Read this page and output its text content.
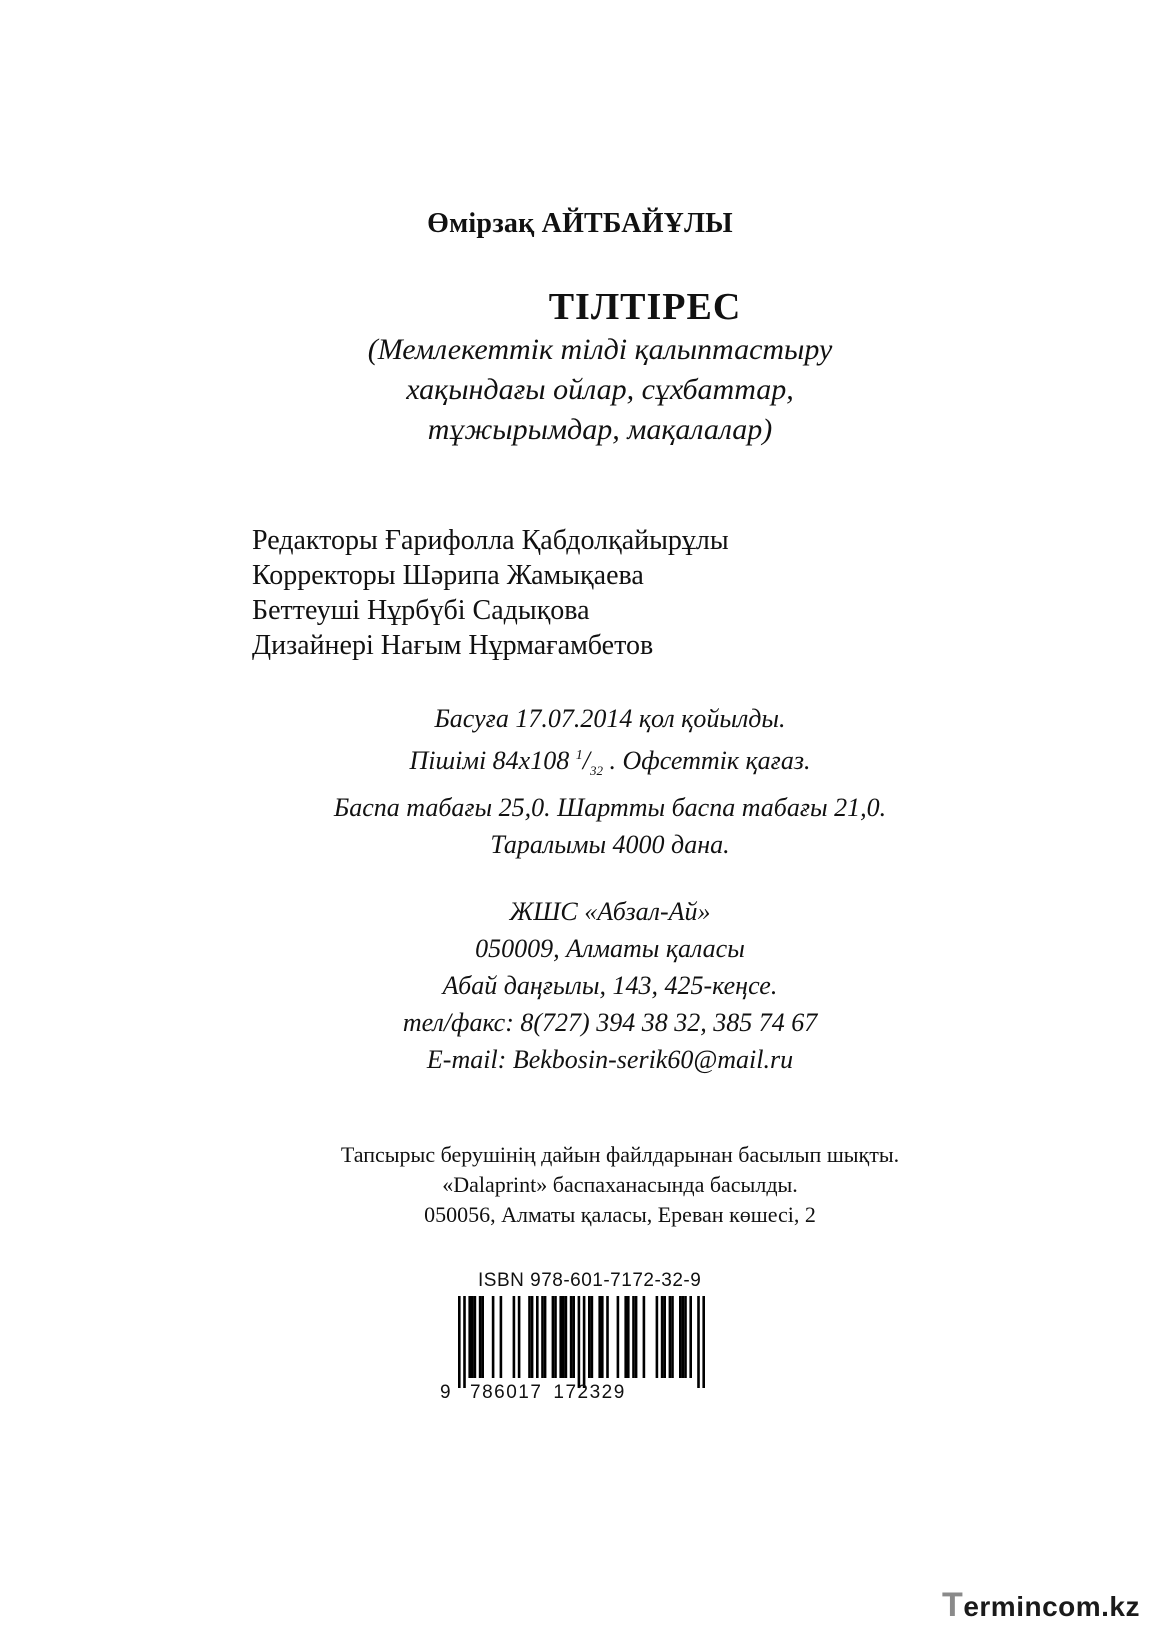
Өмірзақ АЙТБАЙҰЛЫ
ТІЛТІРЕС
(Мемлекеттік тілді қалыптастыру
хақындағы ойлар, сұхбаттар,
тұжырымдар, мақалалар)
Редакторы Ғарифолла Қабдолқайырұлы
Корректоры Шәрипа Жамықаева
Беттеуші Нұрбүбі Садықова
Дизайнері Нағым Нұрмағамбетов
Басуға 17.07.2014 қол қойылды.
Пішімі 84х108 $^1/_{32}$ . Офсеттік қағаз.
Баспа табағы 25,0. Шартты баспа табағы 21,0.
Таралымы 4000 дана.
ЖШС «Абзал-Ай»
050009, Алматы қаласы
Абай даңғылы, 143, 425-кеңсе.
тел/факс: 8(727) 394 38 32, 385 74 67
E-mail: Bekbosin-serik60@mail.ru
Тапсырыс берушінің дайын файлдарынан басылып шықты.
«Dalaprint» баспаханасында басылды.
050056, Алматы қаласы, Ереван көшесі, 2
ISBN 978-601-7172-32-9
9 786017  172329
Termincom.kz
